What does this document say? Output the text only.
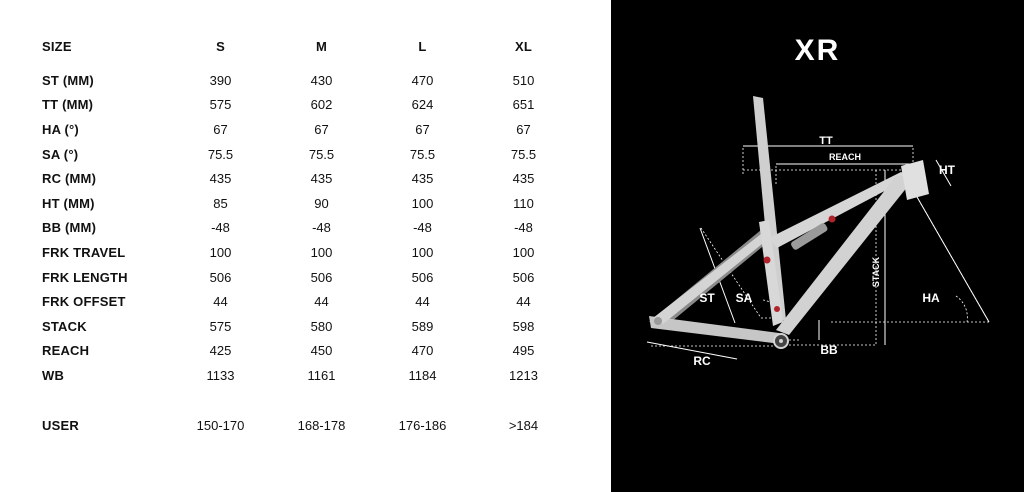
SIZE	S	M	L	XL

ST (MM)	390	430	470	510
TT (MM)	575	602	624	651
HA (°)	67	67	67	67
SA (°)	75.5	75.5	75.5	75.5
RC (MM)	435	435	435	435
HT (MM)	85	90	100	110
BB (MM)	-48	-48	-48	-48
FRK TRAVEL	100	100	100	100
FRK LENGTH	506	506	506	506
FRK OFFSET	44	44	44	44
STACK	575	580	589	598
REACH	425	450	470	495
WB	1133	1161	1184	1213

USER	150-170	168-178	176-186	>184
XR
TT
REACH
HT
ST SA
STACK
HA
RC
BB
